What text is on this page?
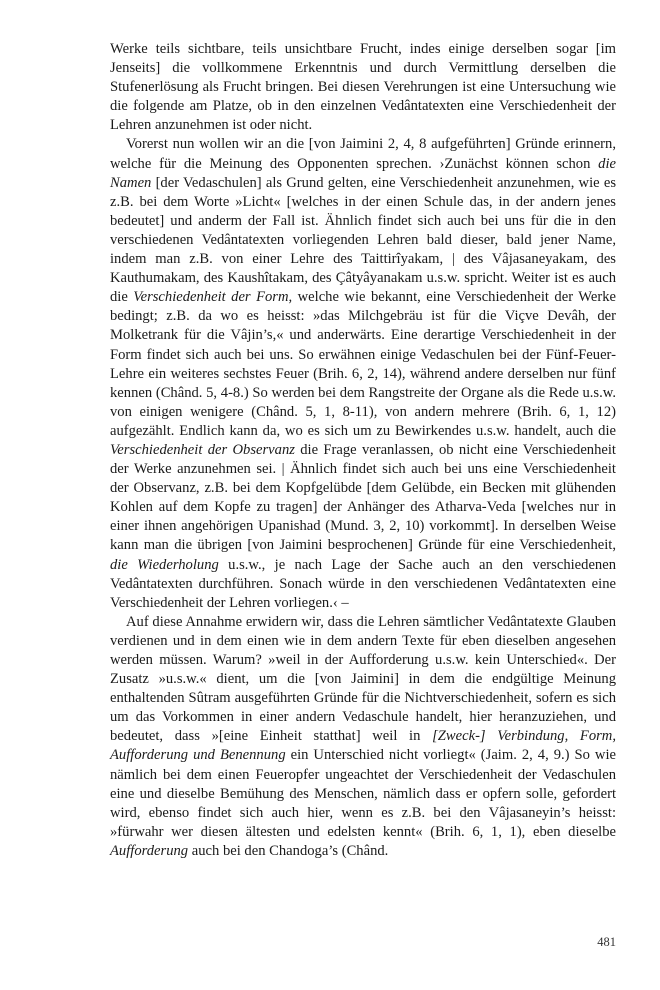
Werke teils sichtbare, teils unsichtbare Frucht, indes einige derselben sogar [im Jenseits] die vollkommene Erkenntnis und durch Vermittlung derselben die Stufenerlösung als Frucht bringen. Bei diesen Verehrungen ist eine Untersuchung wie die folgende am Platze, ob in den einzelnen Vedântatexten eine Verschiedenheit der Lehren anzunehmen ist oder nicht.

Vorerst nun wollen wir an die [von Jaimini 2, 4, 8 aufgeführten] Gründe erinnern, welche für die Meinung des Opponenten sprechen. ›Zunächst können schon die Namen [der Vedaschulen] als Grund gelten, eine Verschiedenheit anzunehmen, wie es z.B. bei dem Worte »Licht« [welches in der einen Schule das, in der andern jenes bedeutet] und anderm der Fall ist. Ähnlich findet sich auch bei uns für die in den verschiedenen Vedântatexten vorliegenden Lehren bald dieser, bald jener Name, indem man z.B. von einer Lehre des Taittirîyakam, | des Vâjasaneyakam, des Kauthumakam, des Kaushîtakam, des Çâtyâyanakam u.s.w. spricht. Weiter ist es auch die Verschiedenheit der Form, welche wie bekannt, eine Verschiedenheit der Werke bedingt; z.B. da wo es heisst: »das Milchgebräu ist für die Viçve Devâh, der Molketrank für die Vâjin’s,« und anderwärts. Eine derartige Verschiedenheit in der Form findet sich auch bei uns. So erwähnen einige Vedaschulen bei der Fünf-Feuer-Lehre ein weiteres sechstes Feuer (Brih. 6, 2, 14), während andere derselben nur fünf kennen (Chând. 5, 4-8.) So werden bei dem Rangstreite der Organe als die Rede u.s.w. von einigen wenigere (Chând. 5, 1, 8-11), von andern mehrere (Brih. 6, 1, 12) aufgezählt. Endlich kann da, wo es sich um zu Bewirkendes u.s.w. handelt, auch die Verschiedenheit der Observanz die Frage veranlassen, ob nicht eine Verschiedenheit der Werke anzunehmen sei. | Ähnlich findet sich auch bei uns eine Verschiedenheit der Observanz, z.B. bei dem Kopfgelübde [dem Gelübde, ein Becken mit glühenden Kohlen auf dem Kopfe zu tragen] der Anhänger des Atharva-Veda [welches nur in einer ihnen angehörigen Upanishad (Mund. 3, 2, 10) vorkommt]. In derselben Weise kann man die übrigen [von Jaimini besprochenen] Gründe für eine Verschiedenheit, die Wiederholung u.s.w., je nach Lage der Sache auch an den verschiedenen Vedântatexten durchführen. Sonach würde in den verschiedenen Vedântatexten eine Verschiedenheit der Lehren vorliegen.‹ –

Auf diese Annahme erwidern wir, dass die Lehren sämtlicher Vedântatexte Glauben verdienen und in dem einen wie in dem andern Texte für eben dieselben angesehen werden müssen. Warum? »weil in der Aufforderung u.s.w. kein Unterschied«. Der Zusatz »u.s.w.« dient, um die [von Jaimini] in dem die endgültige Meinung enthaltenden Sûtram ausgeführten Gründe für die Nichtverschiedenheit, sofern es sich um das Vorkommen in einer andern Vedaschule handelt, hier heranzuziehen, und bedeutet, dass »[eine Einheit statthat] weil in [Zweck-] Verbindung, Form, Aufforderung und Benennung ein Unterschied nicht vorliegt« (Jaim. 2, 4, 9.) So wie nämlich bei dem einen Feueropfer ungeachtet der Verschiedenheit der Vedaschulen eine und dieselbe Bemühung des Menschen, nämlich dass er opfern solle, gefordert wird, ebenso findet sich auch hier, wenn es z.B. bei den Vâjasaneyin’s heisst: »fürwahr wer diesen ältesten und edelsten kennt« (Brih. 6, 1, 1), eben dieselbe Aufforderung auch bei den Chandoga’s (Chând.

481
